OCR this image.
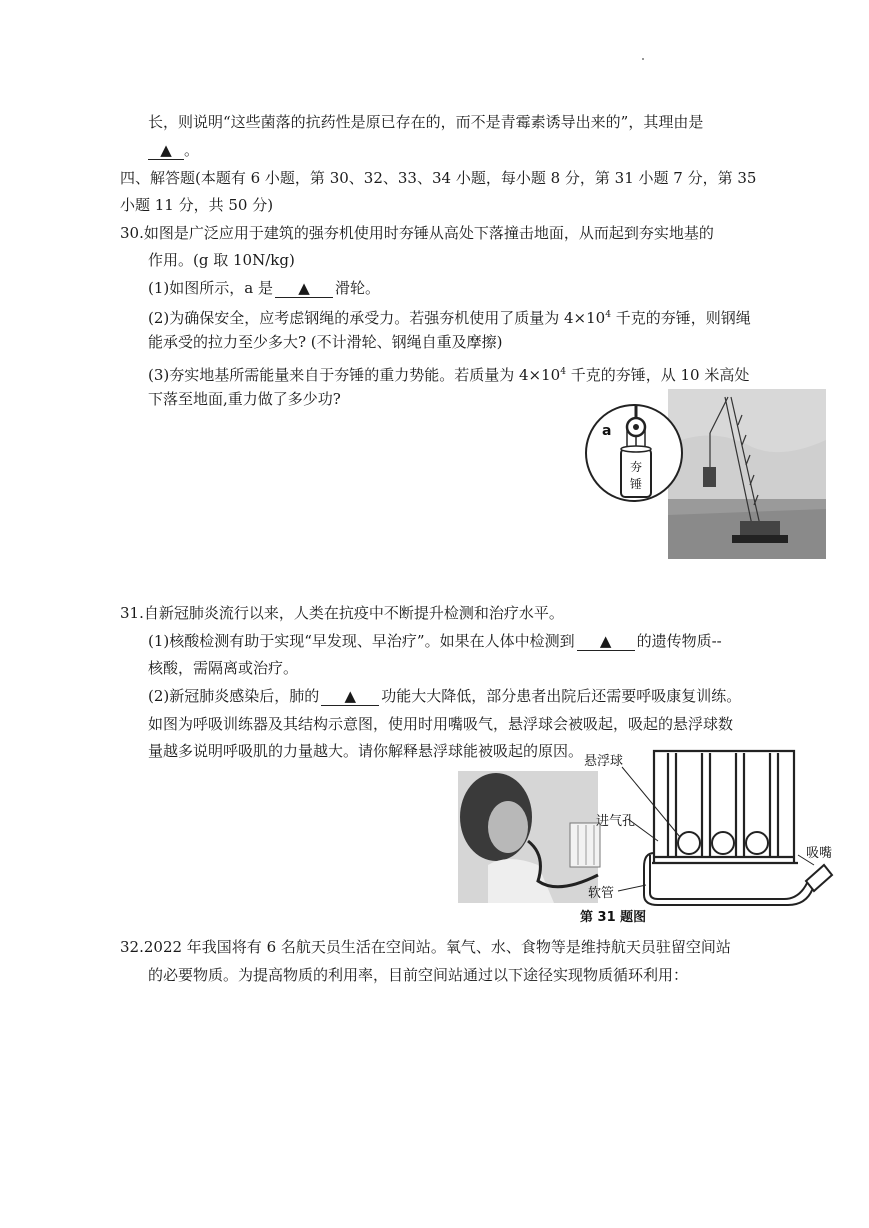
长，则说明“这些菌落的抗药性是原已存在的，而不是青霉素诱导出来的”，其理由是
▲ 。
四、解答题(本题有 6 小题，第 30、32、33、34 小题，每小题 8 分，第 31 小题 7 分，第 35
小题 11 分，共 50 分)
30.如图是广泛应用于建筑的强夯机使用时夯锤从高处下落撞击地面，从而起到夯实地基的
作用。(g 取 10N/kg)
(1)如图所示，a 是 ▲ 滑轮。
(2)为确保安全，应考虑钢绳的承受力。若强夯机使用了质量为 $4\times 10^4$ 千克的夯锤，则钢绳
能承受的拉力至少多大? (不计滑轮、钢绳自重及摩擦)
(3)夯实地基所需能量来自于夯锤的重力势能。若质量为 $4\times 10^4$ 千克的夯锤，从 10 米高处
下落至地面,重力做了多少功?
a
夯
锤
31.自新冠肺炎流行以来，人类在抗疫中不断提升检测和治疗水平。
(1)核酸检测有助于实现“早发现、早治疗”。如果在人体中检测到 ▲ 的遗传物质--
核酸，需隔离或治疗。
(2)新冠肺炎感染后，肺的 ▲ 功能大大降低，部分患者出院后还需要呼吸康复训练。
如图为呼吸训练器及其结构示意图，使用时用嘴吸气，悬浮球会被吸起，吸起的悬浮球数
量越多说明呼吸肌的力量越大。请你解释悬浮球能被吸起的原因。
悬浮球
进气孔
软管
吸嘴
第 31 题图
32.2022 年我国将有 6 名航天员生活在空间站。氧气、水、食物等是维持航天员驻留空间站
的必要物质。为提高物质的利用率，目前空间站通过以下途径实现物质循环利用：
